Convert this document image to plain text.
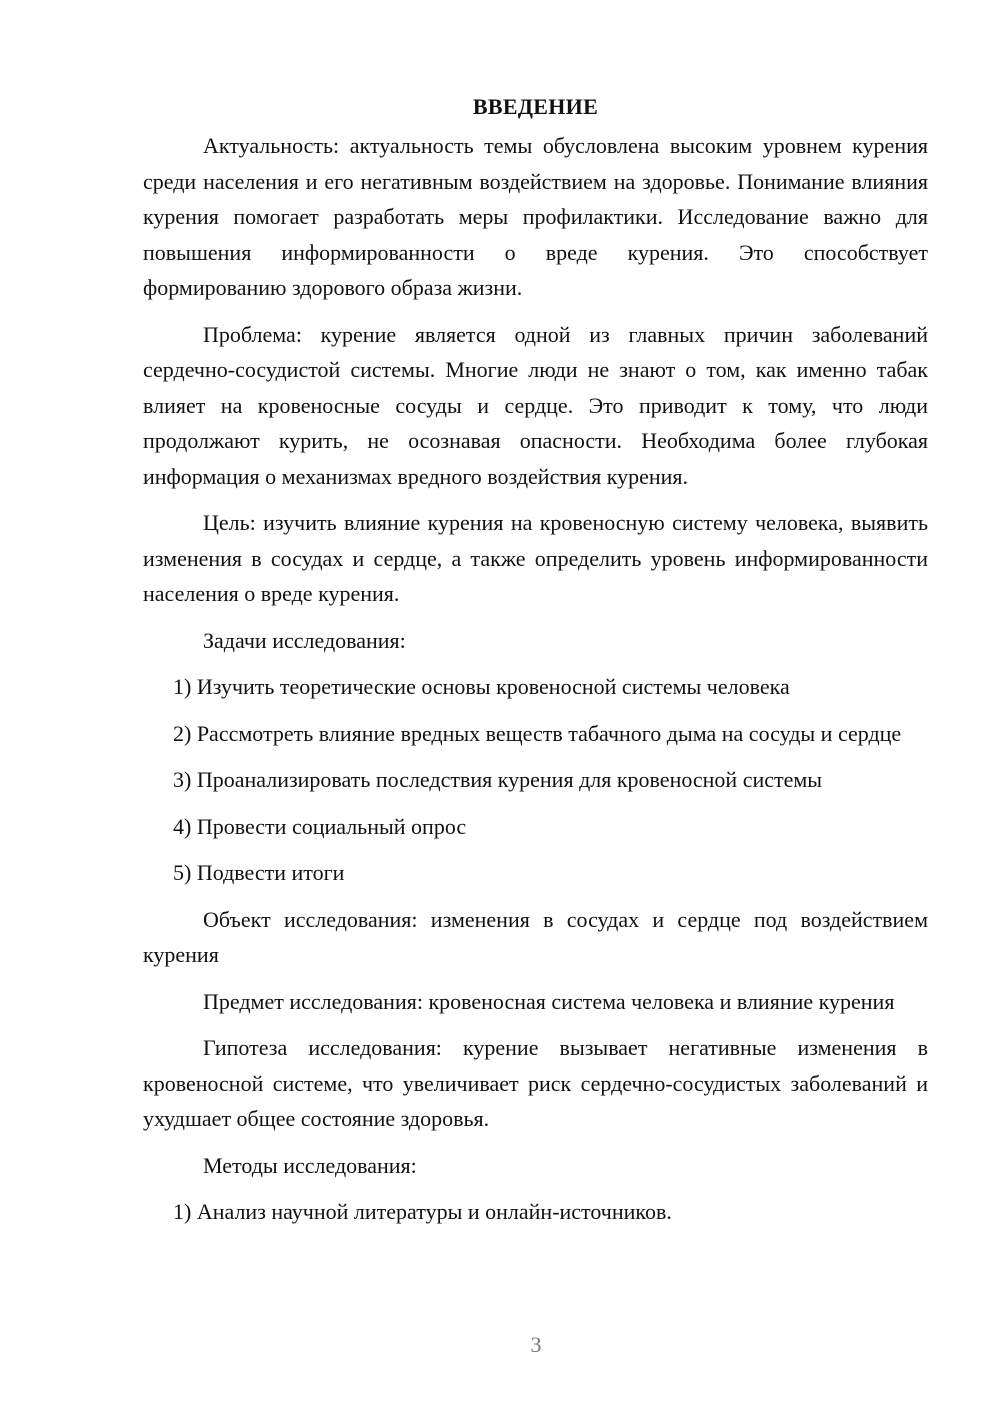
ВВЕДЕНИЕ

Актуальность: актуальность темы обусловлена высоким уровнем курения среди населения и его негативным воздействием на здоровье. Понимание влияния курения помогает разработать меры профилактики. Исследование важно для повышения информированности о вреде курения. Это способствует формированию здорового образа жизни.

Проблема: курение является одной из главных причин заболеваний сердечно-сосудистой системы. Многие люди не знают о том, как именно табак влияет на кровеносные сосуды и сердце. Это приводит к тому, что люди продолжают курить, не осознавая опасности. Необходима более глубокая информация о механизмах вредного воздействия курения.

Цель: изучить влияние курения на кровеносную систему человека, выявить изменения в сосудах и сердце, а также определить уровень информированности населения о вреде курения.

Задачи исследования:

1) Изучить теоретические основы кровеносной системы человека

2) Рассмотреть влияние вредных веществ табачного дыма на сосуды и сердце

3) Проанализировать последствия курения для кровеносной системы

4) Провести социальный опрос

5) Подвести итоги

Объект исследования: изменения в сосудах и сердце под воздействием курения

Предмет исследования: кровеносная система человека и влияние курения

Гипотеза исследования: курение вызывает негативные изменения в кровеносной системе, что увеличивает риск сердечно-сосудистых заболеваний и ухудшает общее состояние здоровья.

Методы исследования:

1) Анализ научной литературы и онлайн-источников.

3
